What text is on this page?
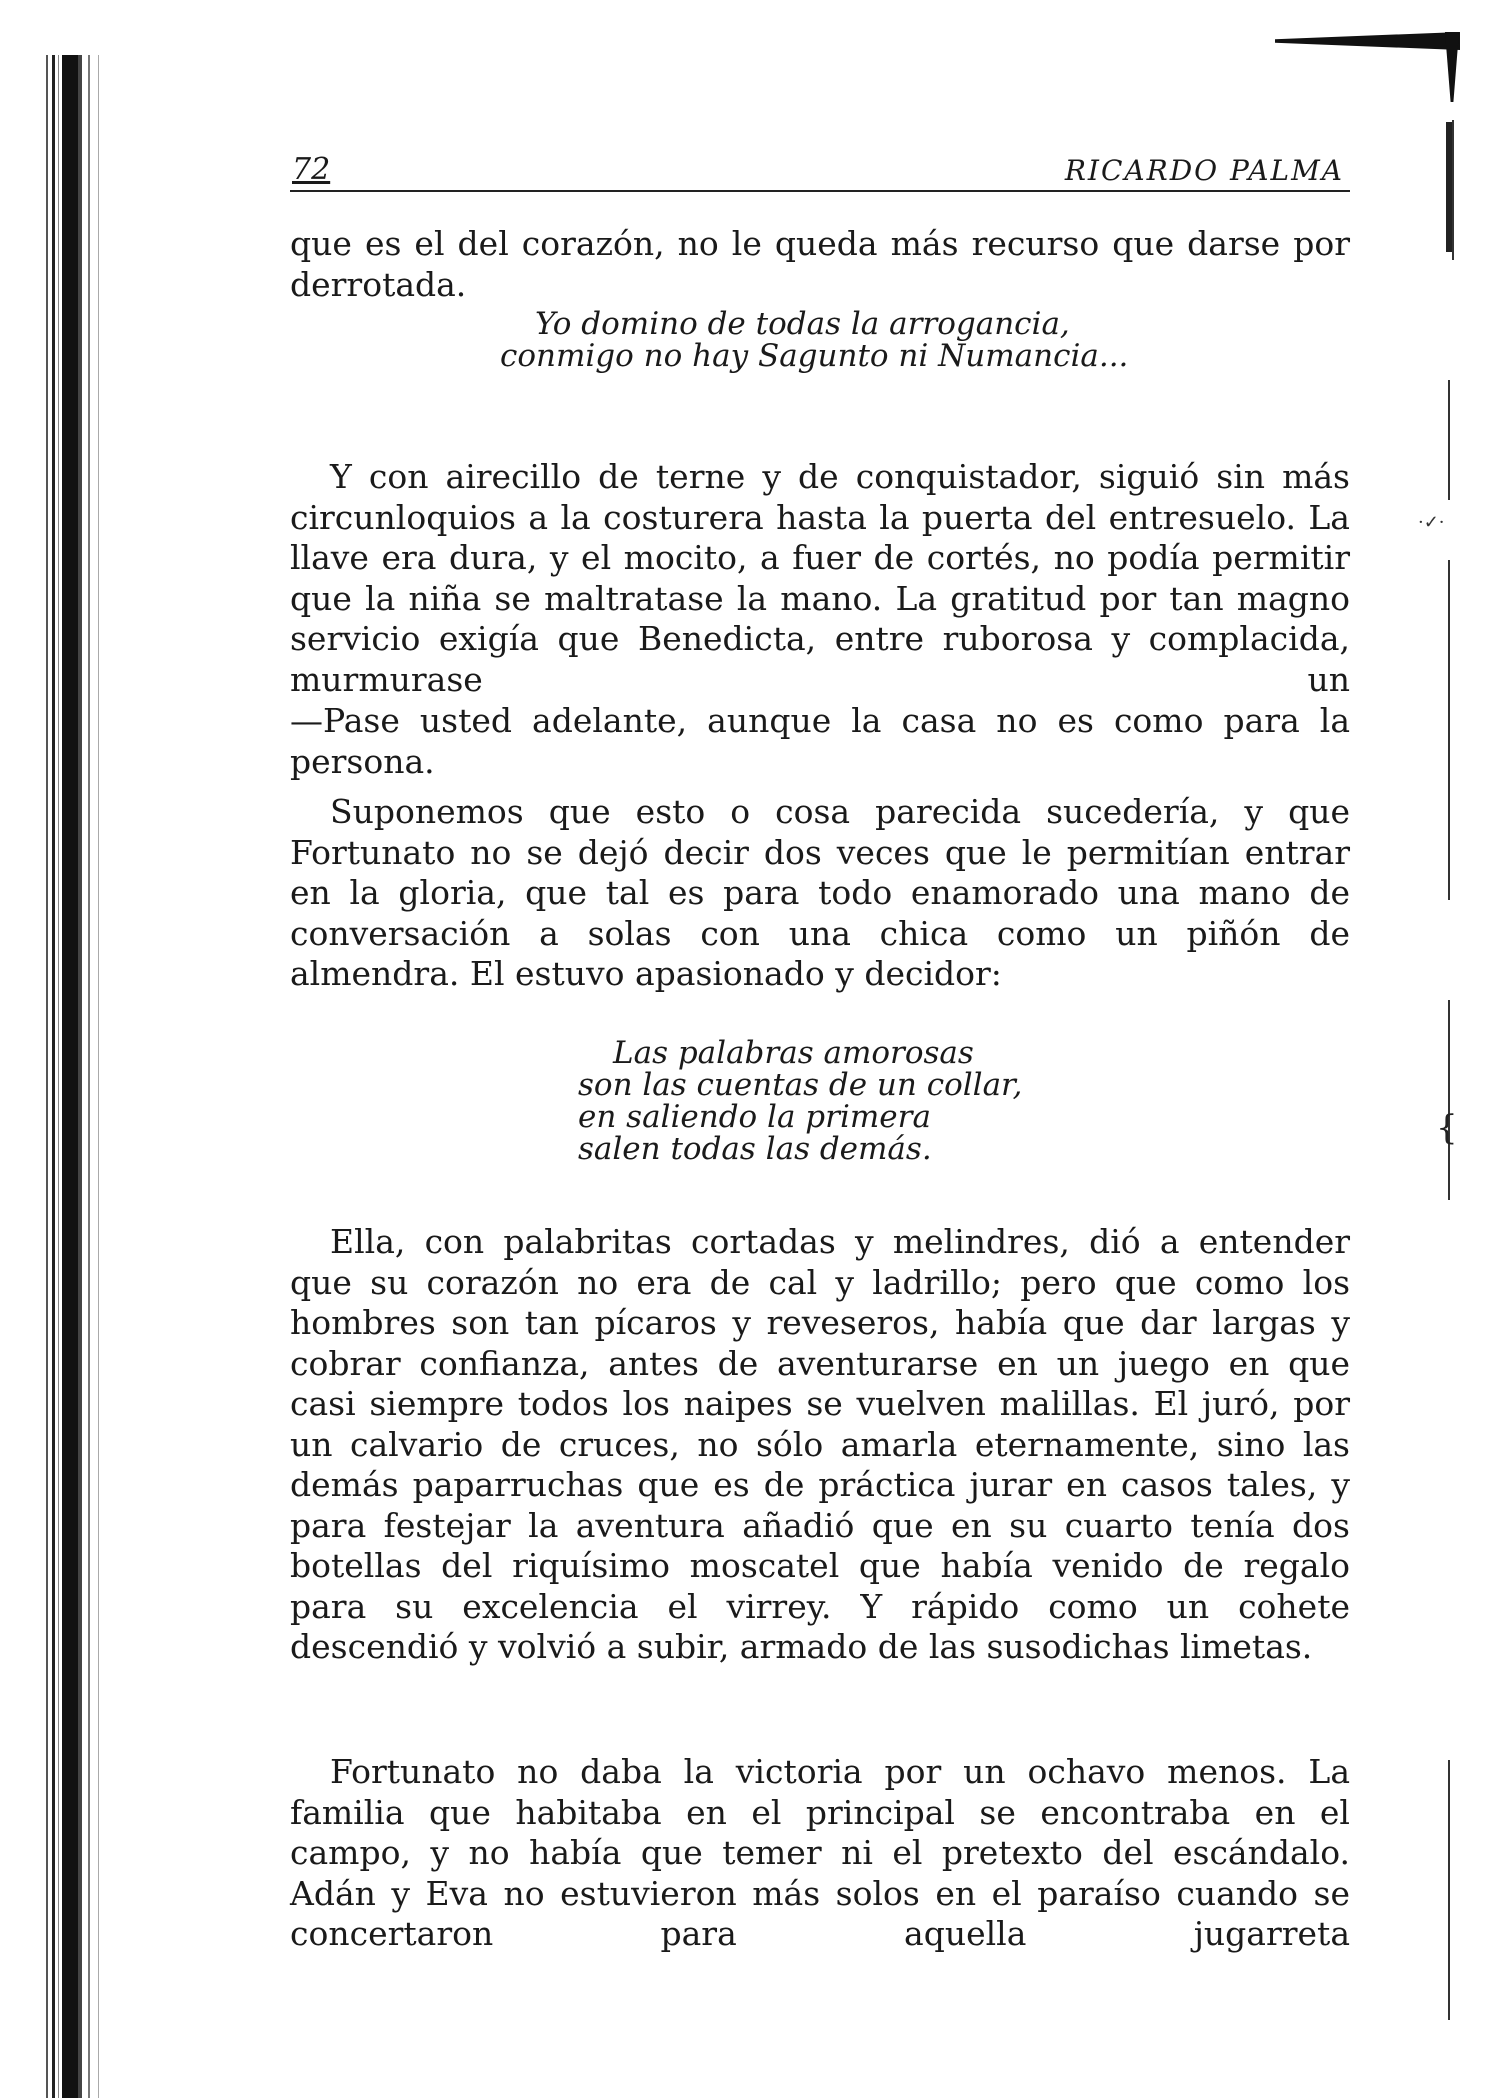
·✓·
{
72	RICARDO PALMA
que es el del corazón, no le queda más recurso que darse por derrotada.
Yo domino de todas la arrogancia,
conmigo no hay Sagunto ni Numancia...
Y con airecillo de terne y de conquistador, siguió sin más circunloquios a la costurera hasta la puerta del entresuelo. La llave era dura, y el mocito, a fuer de cortés, no podía permitir que la niña se maltratase la mano. La gratitud por tan magno servicio exigía que Benedicta, entre ruborosa y complacida, murmurase un
—Pase usted adelante, aunque la casa no es como para la persona.
Suponemos que esto o cosa parecida sucedería, y que Fortunato no se dejó decir dos veces que le permitían entrar en la gloria, que tal es para todo enamorado una mano de conversación a solas con una chica como un piñón de almendra. El estuvo apasionado y decidor:
Las palabras amorosas
son las cuentas de un collar,
en saliendo la primera
salen todas las demás.
Ella, con palabritas cortadas y melindres, dió a entender que su corazón no era de cal y ladrillo; pero que como los hombres son tan pícaros y reveseros, había que dar largas y cobrar confianza, antes de aventurarse en un juego en que casi siempre todos los naipes se vuelven malillas. El juró, por un calvario de cruces, no sólo amarla eternamente, sino las demás paparruchas que es de práctica jurar en casos tales, y para festejar la aventura añadió que en su cuarto tenía dos botellas del riquísimo moscatel que había venido de regalo para su excelencia el virrey. Y rápido como un cohete descendió y volvió a subir, armado de las susodichas limetas.
Fortunato no daba la victoria por un ochavo menos. La familia que habitaba en el principal se encontraba en el campo, y no había que temer ni el pretexto del escándalo. Adán y Eva no estuvieron más solos en el paraíso cuando se concertaron para aquella jugarreta
